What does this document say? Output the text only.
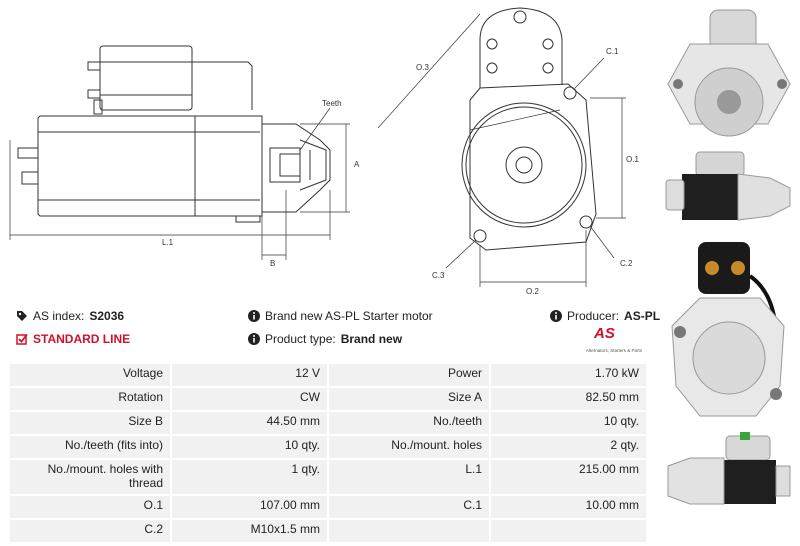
Teeth
A
B
L.1
O.3
O.1
O.2
C.1
C.2
C.3
AS index: S2036	Brand new AS-PL Starter motor	Producer: AS-PL
STANDARD LINE	Product type: Brand new	AS
Alternators, Starters & Parts
Voltage	12 V	Power	1.70 kW
Rotation	CW	Size A	82.50 mm
Size B	44.50 mm	No./teeth	10 qty.
No./teeth (fits into)	10 qty.	No./mount. holes	2 qty.
No./mount. holes with thread	1 qty.	L.1	215.00 mm
O.1	107.00 mm	C.1	10.00 mm
C.2	M10x1.5 mm		
